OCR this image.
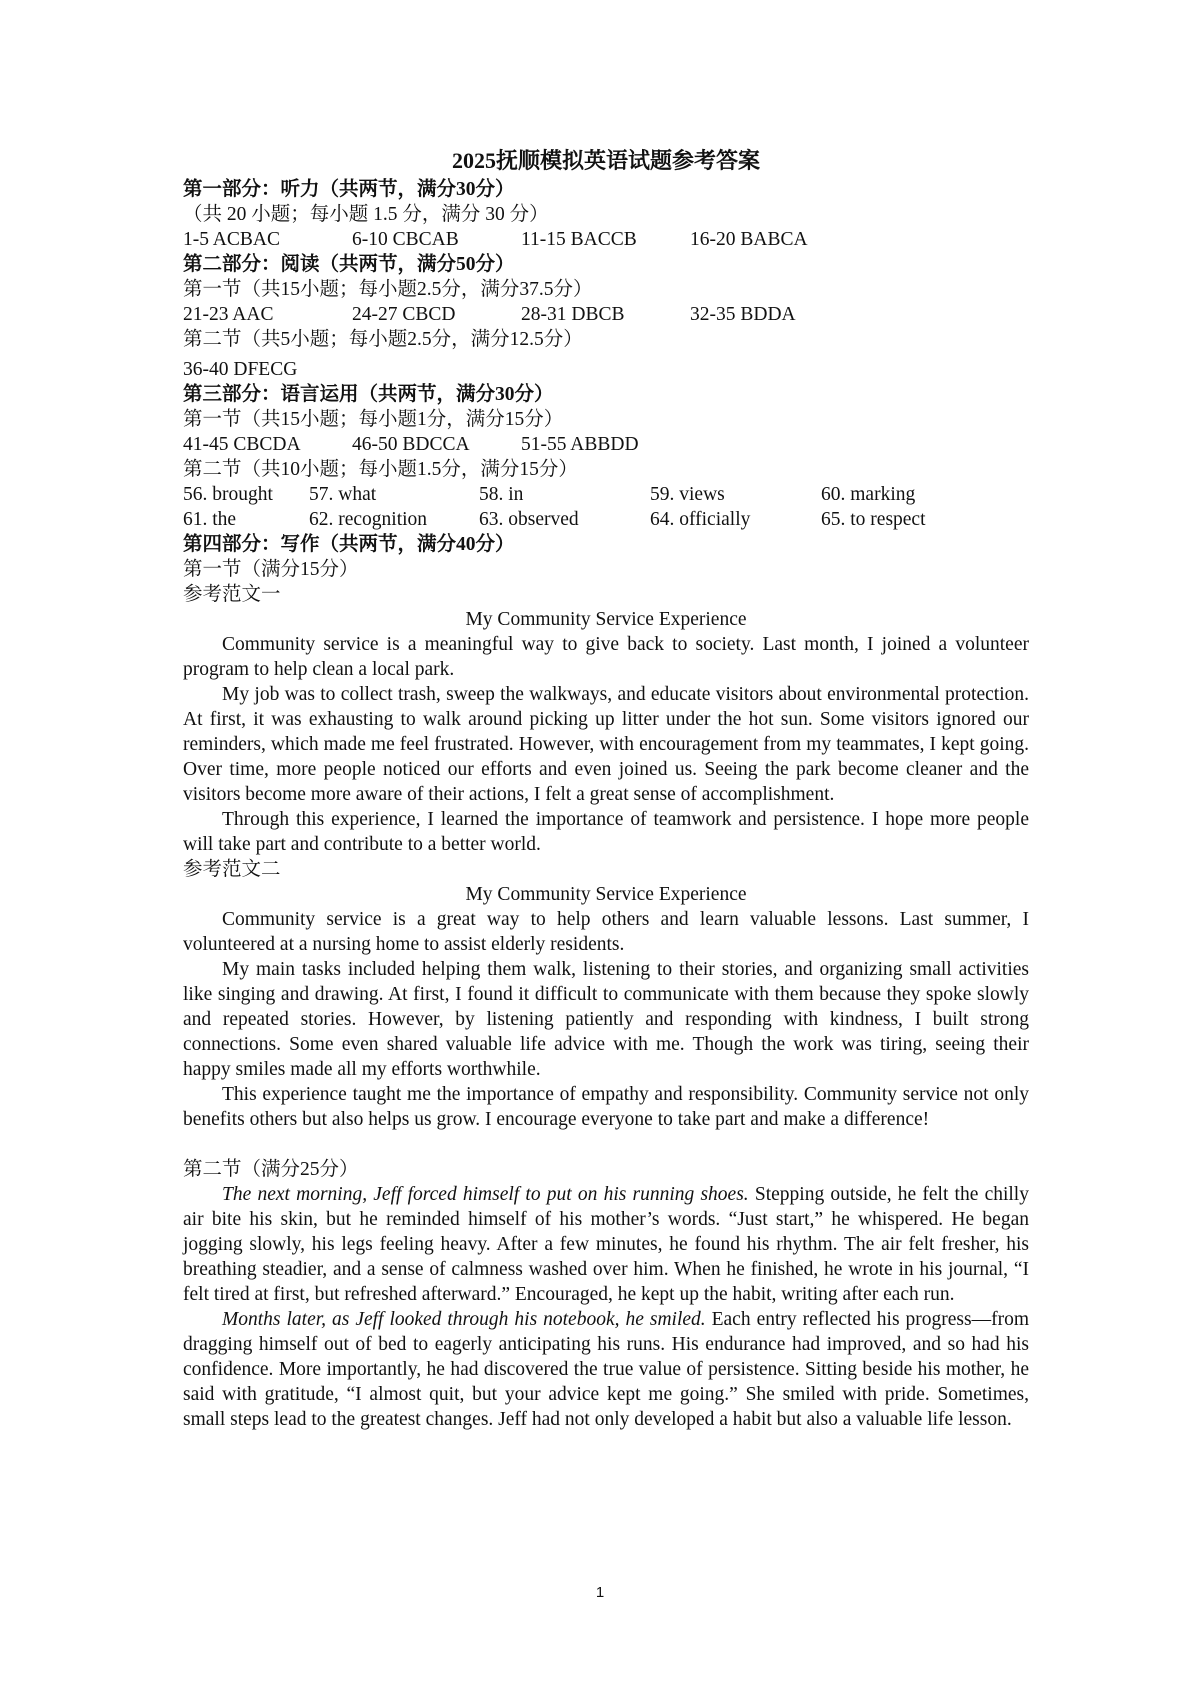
2025抚顺模拟英语试题参考答案

第一部分：听力（共两节，满分30分）

（共 20 小题；每小题 1.5 分，满分 30 分）

1-5 ACBAC	6-10 CBCAB	11-15 BACCB	16-20 BABCA

第二部分：阅读（共两节，满分50分）

第一节（共15小题；每小题2.5分，满分37.5分）

21-23 AAC	24-27 CBCD	28-31 DBCB	32-35 BDDA

第二节（共5小题；每小题2.5分，满分12.5分）

36-40 DFECG

第三部分：语言运用（共两节，满分30分）

第一节（共15小题；每小题1分，满分15分）

41-45 CBCDA	46-50 BDCCA	51-55 ABBDD

第二节（共10小题；每小题1.5分，满分15分）

56. brought	57. what	58. in	59. views	60. marking
61. the	62. recognition	63. observed	64. officially	65. to respect

第四部分：写作（共两节，满分40分）

第一节（满分15分）

参考范文一

My Community Service Experience

Community service is a meaningful way to give back to society. Last month, I joined a volunteer program to help clean a local park.

My job was to collect trash, sweep the walkways, and educate visitors about environmental protection. At first, it was exhausting to walk around picking up litter under the hot sun. Some visitors ignored our reminders, which made me feel frustrated. However, with encouragement from my teammates, I kept going. Over time, more people noticed our efforts and even joined us. Seeing the park become cleaner and the visitors become more aware of their actions, I felt a great sense of accomplishment.

Through this experience, I learned the importance of teamwork and persistence. I hope more people will take part and contribute to a better world.

参考范文二

My Community Service Experience

Community service is a great way to help others and learn valuable lessons. Last summer, I volunteered at a nursing home to assist elderly residents.

My main tasks included helping them walk, listening to their stories, and organizing small activities like singing and drawing. At first, I found it difficult to communicate with them because they spoke slowly and repeated stories. However, by listening patiently and responding with kindness, I built strong connections. Some even shared valuable life advice with me. Though the work was tiring, seeing their happy smiles made all my efforts worthwhile.

This experience taught me the importance of empathy and responsibility. Community service not only benefits others but also helps us grow. I encourage everyone to take part and make a difference!

第二节（满分25分）

The next morning, Jeff forced himself to put on his running shoes. Stepping outside, he felt the chilly air bite his skin, but he reminded himself of his mother’s words. “Just start,” he whispered. He began jogging slowly, his legs feeling heavy. After a few minutes, he found his rhythm. The air felt fresher, his breathing steadier, and a sense of calmness washed over him. When he finished, he wrote in his journal, “I felt tired at first, but refreshed afterward.” Encouraged, he kept up the habit, writing after each run.

Months later, as Jeff looked through his notebook, he smiled. Each entry reflected his progress—from dragging himself out of bed to eagerly anticipating his runs. His endurance had improved, and so had his confidence. More importantly, he had discovered the true value of persistence. Sitting beside his mother, he said with gratitude, “I almost quit, but your advice kept me going.” She smiled with pride. Sometimes, small steps lead to the greatest changes. Jeff had not only developed a habit but also a valuable life lesson.

1
